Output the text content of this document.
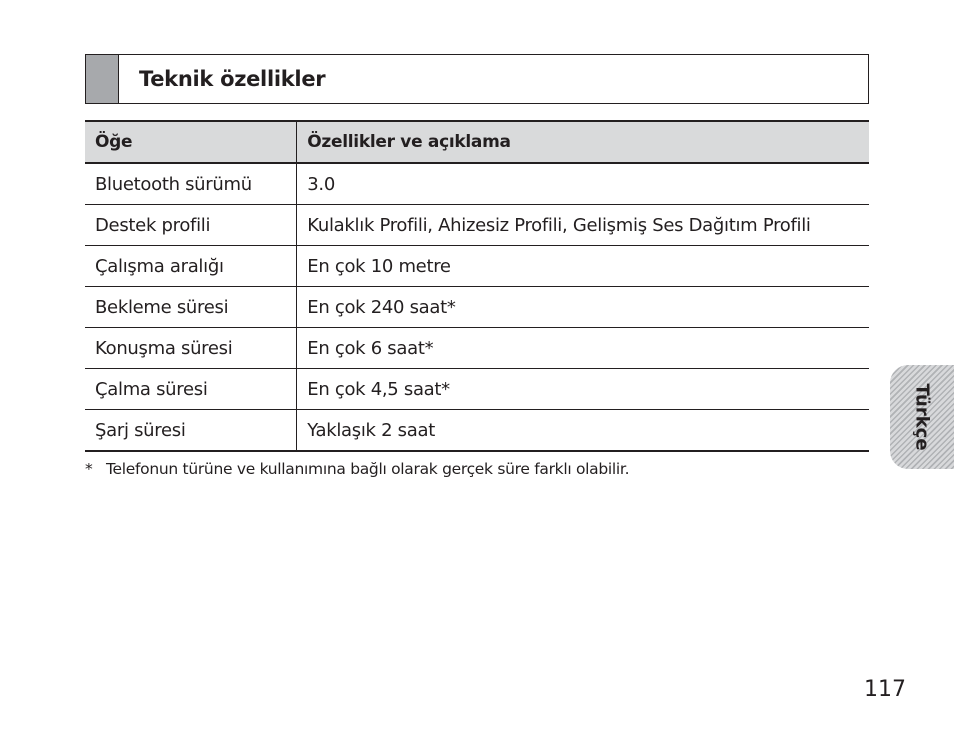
Teknik özellikler
Öğe	Özellikler ve açıklama
Bluetooth sürümü	3.0
Destek profili	Kulaklık Profili, Ahizesiz Profili, Gelişmiş Ses Dağıtım Profili
Çalışma aralığı	En çok 10 metre
Bekleme süresi	En çok 240 saat*
Konuşma süresi	En çok 6 saat*
Çalma süresi	En çok 4,5 saat*
Şarj süresi	Yaklaşık 2 saat
* Telefonun türüne ve kullanımına bağlı olarak gerçek süre farklı olabilir.
Türkçe
117
